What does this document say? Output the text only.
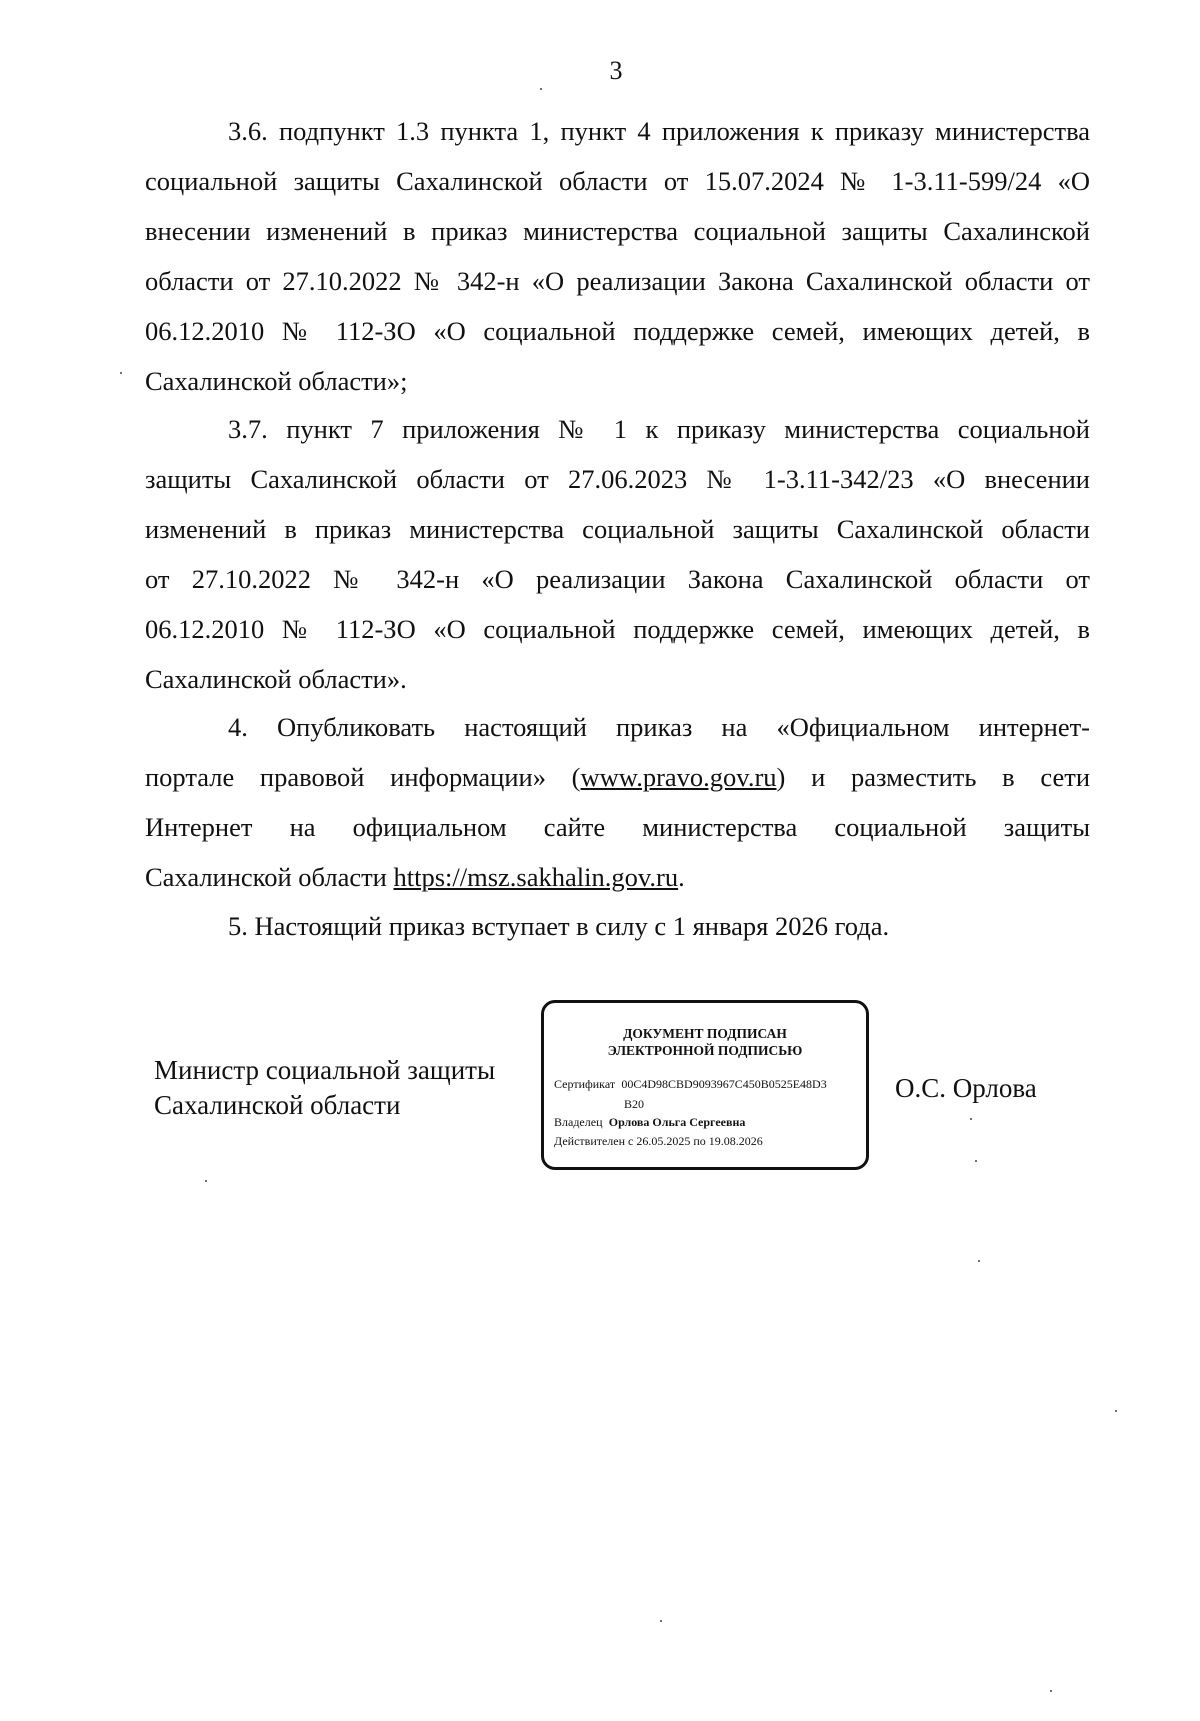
3
3.6. подпункт 1.3 пункта 1, пункт 4 приложения к приказу министерства
социальной защиты Сахалинской области от 15.07.2024 № 1-3.11-599/24 «О
внесении изменений в приказ министерства социальной защиты Сахалинской
области от 27.10.2022 № 342-н «О реализации Закона Сахалинской области от
06.12.2010 № 112-ЗО «О социальной поддержке семей, имеющих детей, в
Сахалинской области»;
3.7. пункт 7 приложения № 1 к приказу министерства социальной
защиты Сахалинской области от 27.06.2023 № 1-3.11-342/23 «О внесении
изменений в приказ министерства социальной защиты Сахалинской области
от 27.10.2022 № 342-н «О реализации Закона Сахалинской области от
06.12.2010 № 112-ЗО «О социальной поддержке семей, имеющих детей, в
Сахалинской области».
4. Опубликовать настоящий приказ на «Официальном интернет-
порталe правовой информации» (www.pravo.gov.ru) и разместить в сети
Интернет на официальном сайте министерства социальной защиты
Сахалинской области https://msz.sakhalin.gov.ru.
5. Настоящий приказ вступает в силу с 1 января 2026 года.
Министр социальной защиты
Сахалинской области
ДОКУМЕНТ ПОДПИСАН
ЭЛЕКТРОННОЙ ПОДПИСЬЮ
Сертификат 00C4D98CBD9093967C450B0525E48D3
B20
Владелец Орлова Ольга Сергеевна
Действителен с 26.05.2025 по 19.08.2026
О.С. Орлова
